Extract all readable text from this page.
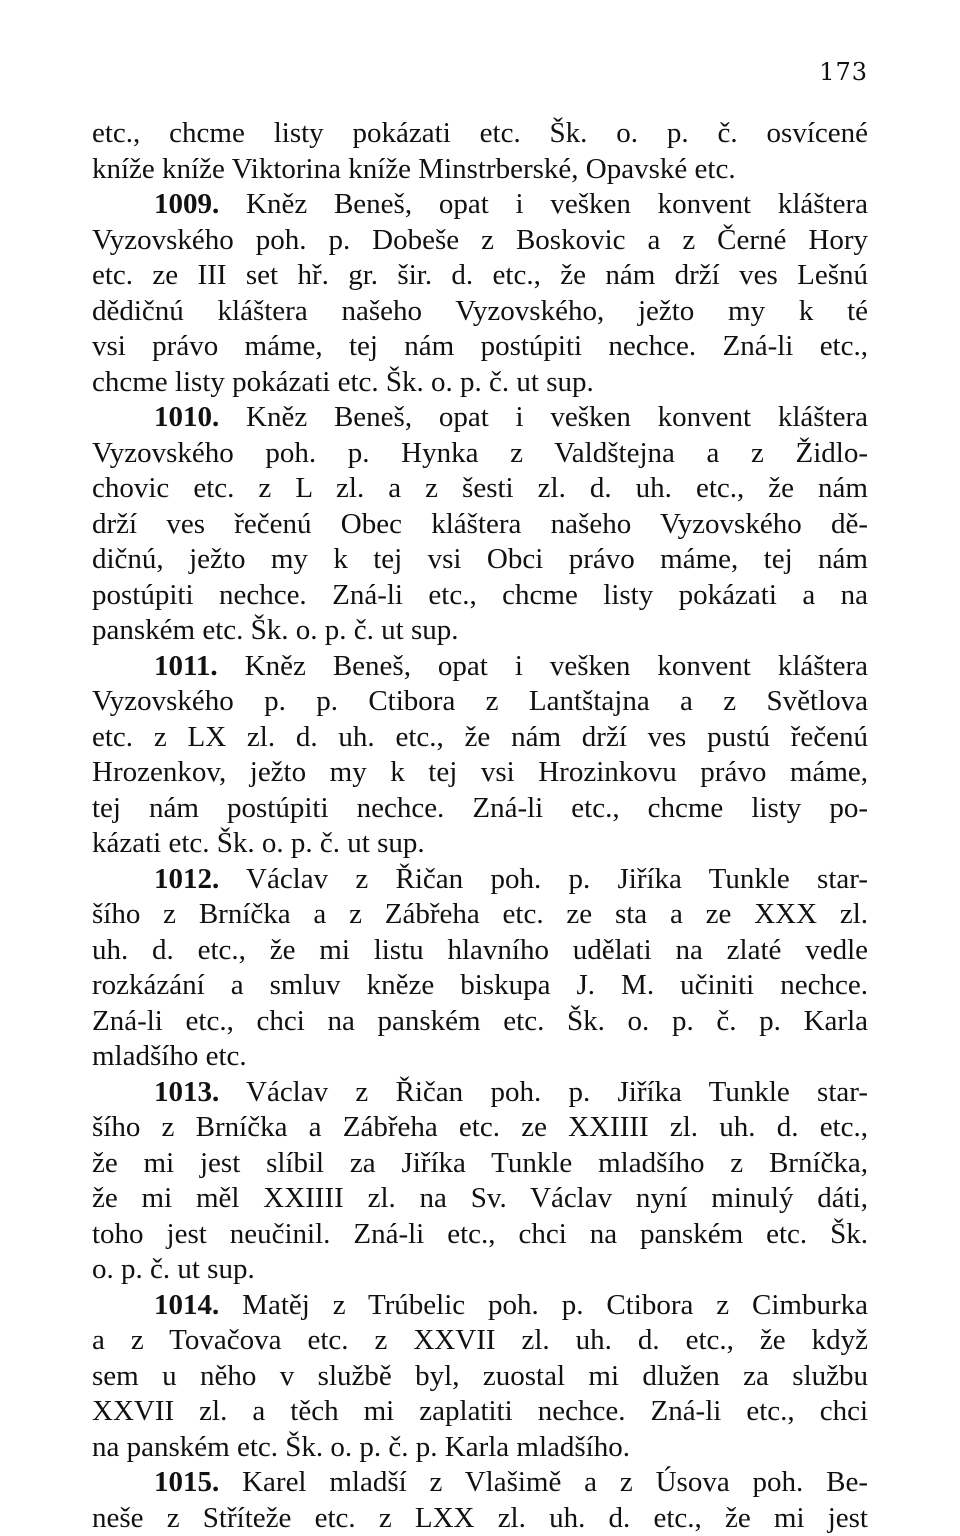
173
etc., chcme listy pokázati etc. Šk. o. p. č. osvícené
kníže kníže Viktorina kníže Minstrberské, Opavské etc.
1009. Kněz Beneš, opat i vešken konvent kláštera
Vyzovského poh. p. Dobeše z Boskovic a z Černé Hory
etc. ze III set hř. gr. šir. d. etc., že nám drží ves Lešnú
dědičnú kláštera našeho Vyzovského, ježto my k té
vsi právo máme, tej nám postúpiti nechce. Zná-li etc.,
chcme listy pokázati etc. Šk. o. p. č. ut sup.
1010. Kněz Beneš, opat i vešken konvent kláštera
Vyzovského poh. p. Hynka z Valdštejna a z Židlo-
chovic etc. z L zl. a z šesti zl. d. uh. etc., že nám
drží ves řečenú Obec kláštera našeho Vyzovského dě-
dičnú, ježto my k tej vsi Obci právo máme, tej nám
postúpiti nechce. Zná-li etc., chcme listy pokázati a na
panském etc. Šk. o. p. č. ut sup.
1011. Kněz Beneš, opat i vešken konvent kláštera
Vyzovského p. p. Ctibora z Lantštajna a z Světlova
etc. z LX zl. d. uh. etc., že nám drží ves pustú řečenú
Hrozenkov, ježto my k tej vsi Hrozinkovu právo máme,
tej nám postúpiti nechce. Zná-li etc., chcme listy po-
kázati etc. Šk. o. p. č. ut sup.
1012. Václav z Řičan poh. p. Jiříka Tunkle star-
šího z Brníčka a z Zábřeha etc. ze sta a ze XXX zl.
uh. d. etc., že mi listu hlavního udělati na zlaté vedle
rozkázání a smluv kněze biskupa J. M. učiniti nechce.
Zná-li etc., chci na panském etc. Šk. o. p. č. p. Karla
mladšího etc.
1013. Václav z Řičan poh. p. Jiříka Tunkle star-
šího z Brníčka a Zábřeha etc. ze XXIIII zl. uh. d. etc.,
že mi jest slíbil za Jiříka Tunkle mladšího z Brníčka,
že mi měl XXIIII zl. na Sv. Václav nyní minulý dáti,
toho jest neučinil. Zná-li etc., chci na panském etc. Šk.
o. p. č. ut sup.
1014. Matěj z Trúbelic poh. p. Ctibora z Cimburka
a z Tovačova etc. z XXVII zl. uh. d. etc., že když
sem u něho v službě byl, zuostal mi dlužen za službu
XXVII zl. a těch mi zaplatiti nechce. Zná-li etc., chci
na panském etc. Šk. o. p. č. p. Karla mladšího.
1015. Karel mladší z Vlašimě a z Úsova poh. Be-
neše z Stříteže etc. z LXX zl. uh. d. etc., že mi jest
